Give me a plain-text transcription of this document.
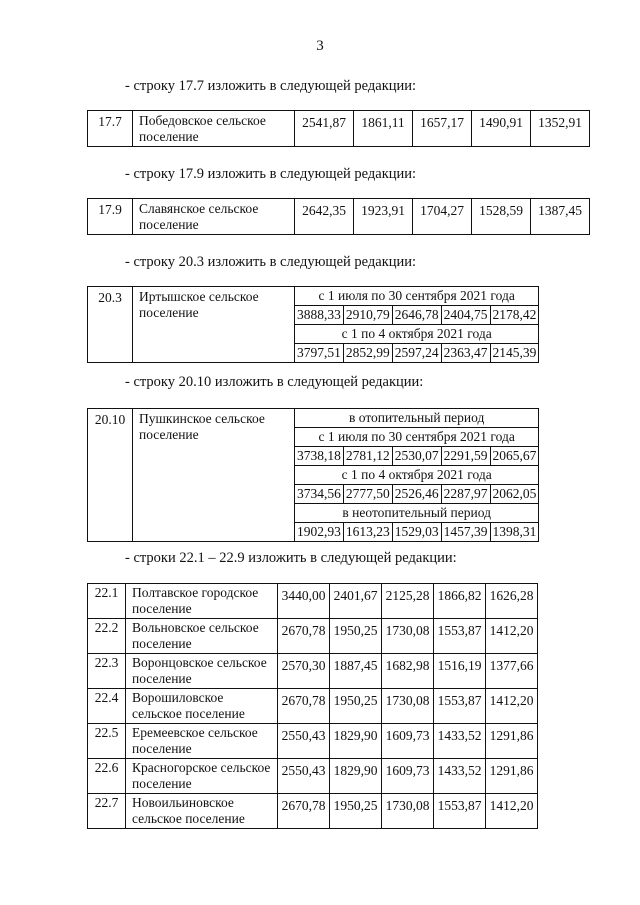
3
- строку 17.7 изложить в следующей редакции:
17.7	Победовское сельское поселение	2541,87	1861,11	1657,17	1490,91	1352,91
- строку 17.9 изложить в следующей редакции:
17.9	Славянское сельское поселение	2642,35	1923,91	1704,27	1528,59	1387,45
- строку 20.3 изложить в следующей редакции:
20.3	Иртышское сельское поселение	с 1 июля по 30 сентября 2021 года				
		3888,33	2910,79	2646,78	2404,75	2178,42
		с 1 по 4 октября 2021 года				
		3797,51	2852,99	2597,24	2363,47	2145,39
- строку 20.10 изложить в следующей редакции:
20.10	Пушкинское сельское поселение	в отопительный период				
		с 1 июля по 30 сентября 2021 года				
		3738,18	2781,12	2530,07	2291,59	2065,67
		с 1 по 4 октября 2021 года				
		3734,56	2777,50	2526,46	2287,97	2062,05
		в неотопительный период				
		1902,93	1613,23	1529,03	1457,39	1398,31
- строки 22.1 – 22.9 изложить в следующей редакции:
22.1	Полтавское городское поселение	3440,00	2401,67	2125,28	1866,82	1626,28
22.2	Вольновское сельское поселение	2670,78	1950,25	1730,08	1553,87	1412,20
22.3	Воронцовское сельское поселение	2570,30	1887,45	1682,98	1516,19	1377,66
22.4	Ворошиловское сельское поселение	2670,78	1950,25	1730,08	1553,87	1412,20
22.5	Еремеевское сельское поселение	2550,43	1829,90	1609,73	1433,52	1291,86
22.6	Красногорское сельское поселение	2550,43	1829,90	1609,73	1433,52	1291,86
22.7	Новоильиновское сельское поселение	2670,78	1950,25	1730,08	1553,87	1412,20
